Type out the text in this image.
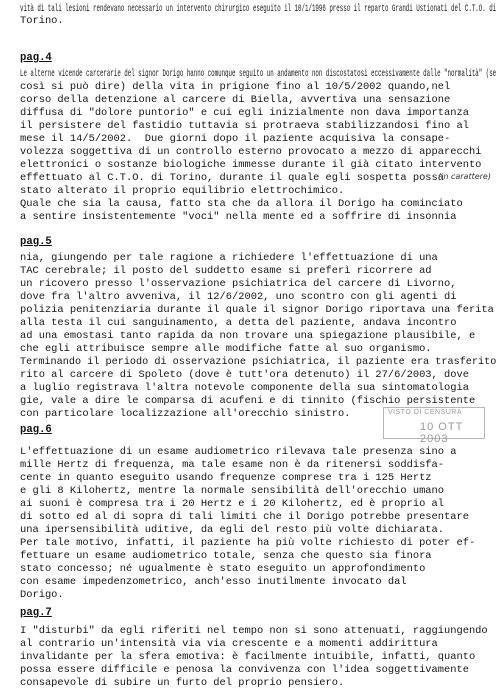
vità di tali lesioni rendevano necessario un intervento chirurgico eseguito il 10/1/1996 presso il reparto Grandi Ustionati del C.T.O. di
Torino.
pag.4
Le alterne vicende carcerarie del signor Dorigo hanno comunque seguito un andamento non discostatosi eccessivamente dalle "normalità" (se
così si può dire) della vita in prigione fino al 10/5/2002 quando,nel
corso della detenzione al carcere di Biella, avvertiva una sensazione
diffusa di "dolore puntorio" e cui egli inizialmente non dava importanza
il persistere del fastidio tuttavia si protraeva stabilizzandosi fino al
mese il 14/5/2002.  Due giorni dopo il paziente acquisiva la consape-
volezza soggettiva di un controllo esterno provocato a mezzo di apparecchi
elettronici o sostanze biologiche immesse durante il già citato intervento
effettuato al C.T.O. di Torino, durante il quale egli sospetta possa
stato alterato il proprio equilibrio elettrochimico.
Quale che sia la causa, fatto sta che da allora il Dorigo ha cominciato
a sentire insistentemente "voci" nella mente ed a soffrire di insonnia
pag.5
nia, giungendo per tale ragione a richiedere l'effettuazione di una
TAC cerebrale; il posto del suddetto esame si preferì ricorrere ad
un ricovero presso l'osservazione psichiatrica del carcere di Livorno,
dove fra l'altro avveniva, il 12/6/2002, uno scontro con gli agenti di
polizia penitenziaria durante il quale il signor Dorigo riportava una ferita
alla testa il cui sanguinamento, a detta del paziente, andava incontro
ad una emostasi tanto rapida da non trovare una spiegazione plausibile, e
che egli attribuisce sempre alle modifiche fatte al suo organismo.
Terminando il periodo di osservazione psichiatrica, il paziente era trasferito
rito al carcere di Spoleto (dove è tutt'ora detenuto) il 27/6/2003, dove
a luglio registrava l'altra notevole componente della sua sintomatologia
gie, vale a dire le comparsa di acufeni e di tinnito (fischio persistente
con particolare localizzazione all'orecchio sinistro.	VISTO DI CENSURA
10 OTT 2003
pag.6
L'effettuazione di un esame audiometrico rilevava tale presenza sino a
mille Hertz di frequenza, ma tale esame non è da ritenersi soddisfa-
cente in quanto eseguito usando frequenze comprese tra i 125 Hertz
e gli 8 Kilohertz, mentre la normale sensibilità dell'orecchio umano
ai suoni è compresa tra i 20 Hertz e i 20 Kilohertz, ed è proprio al
di sotto ed al di sopra di tali limiti che il Dorigo potrebbe presentare
una ipersensibilità uditive, da egli del resto più volte dichiarata.
Per tale motivo, infatti, il paziente ha più volte richiesto di poter ef-
fettuare un esame audiometrico totale, senza che questo sia finora
stato concesso; né ugualmente è stato eseguito un approfondimento
con esame impedenzometrico, anch'esso inutilmente invocato dal
Dorigo.
pag.7
I "disturbi" da egli riferiti nel tempo non si sono attenuati, raggiungendo
al contrario un'intensità via via crescente e a momenti addirittura
invalidante per la sfera emotiva: è facilmente intuibile, infatti, quanto
possa essere difficile e penosa la convivenza con l'idea soggettivamente
consapevole di subire un furto del proprio pensiero.
(in carattere)
